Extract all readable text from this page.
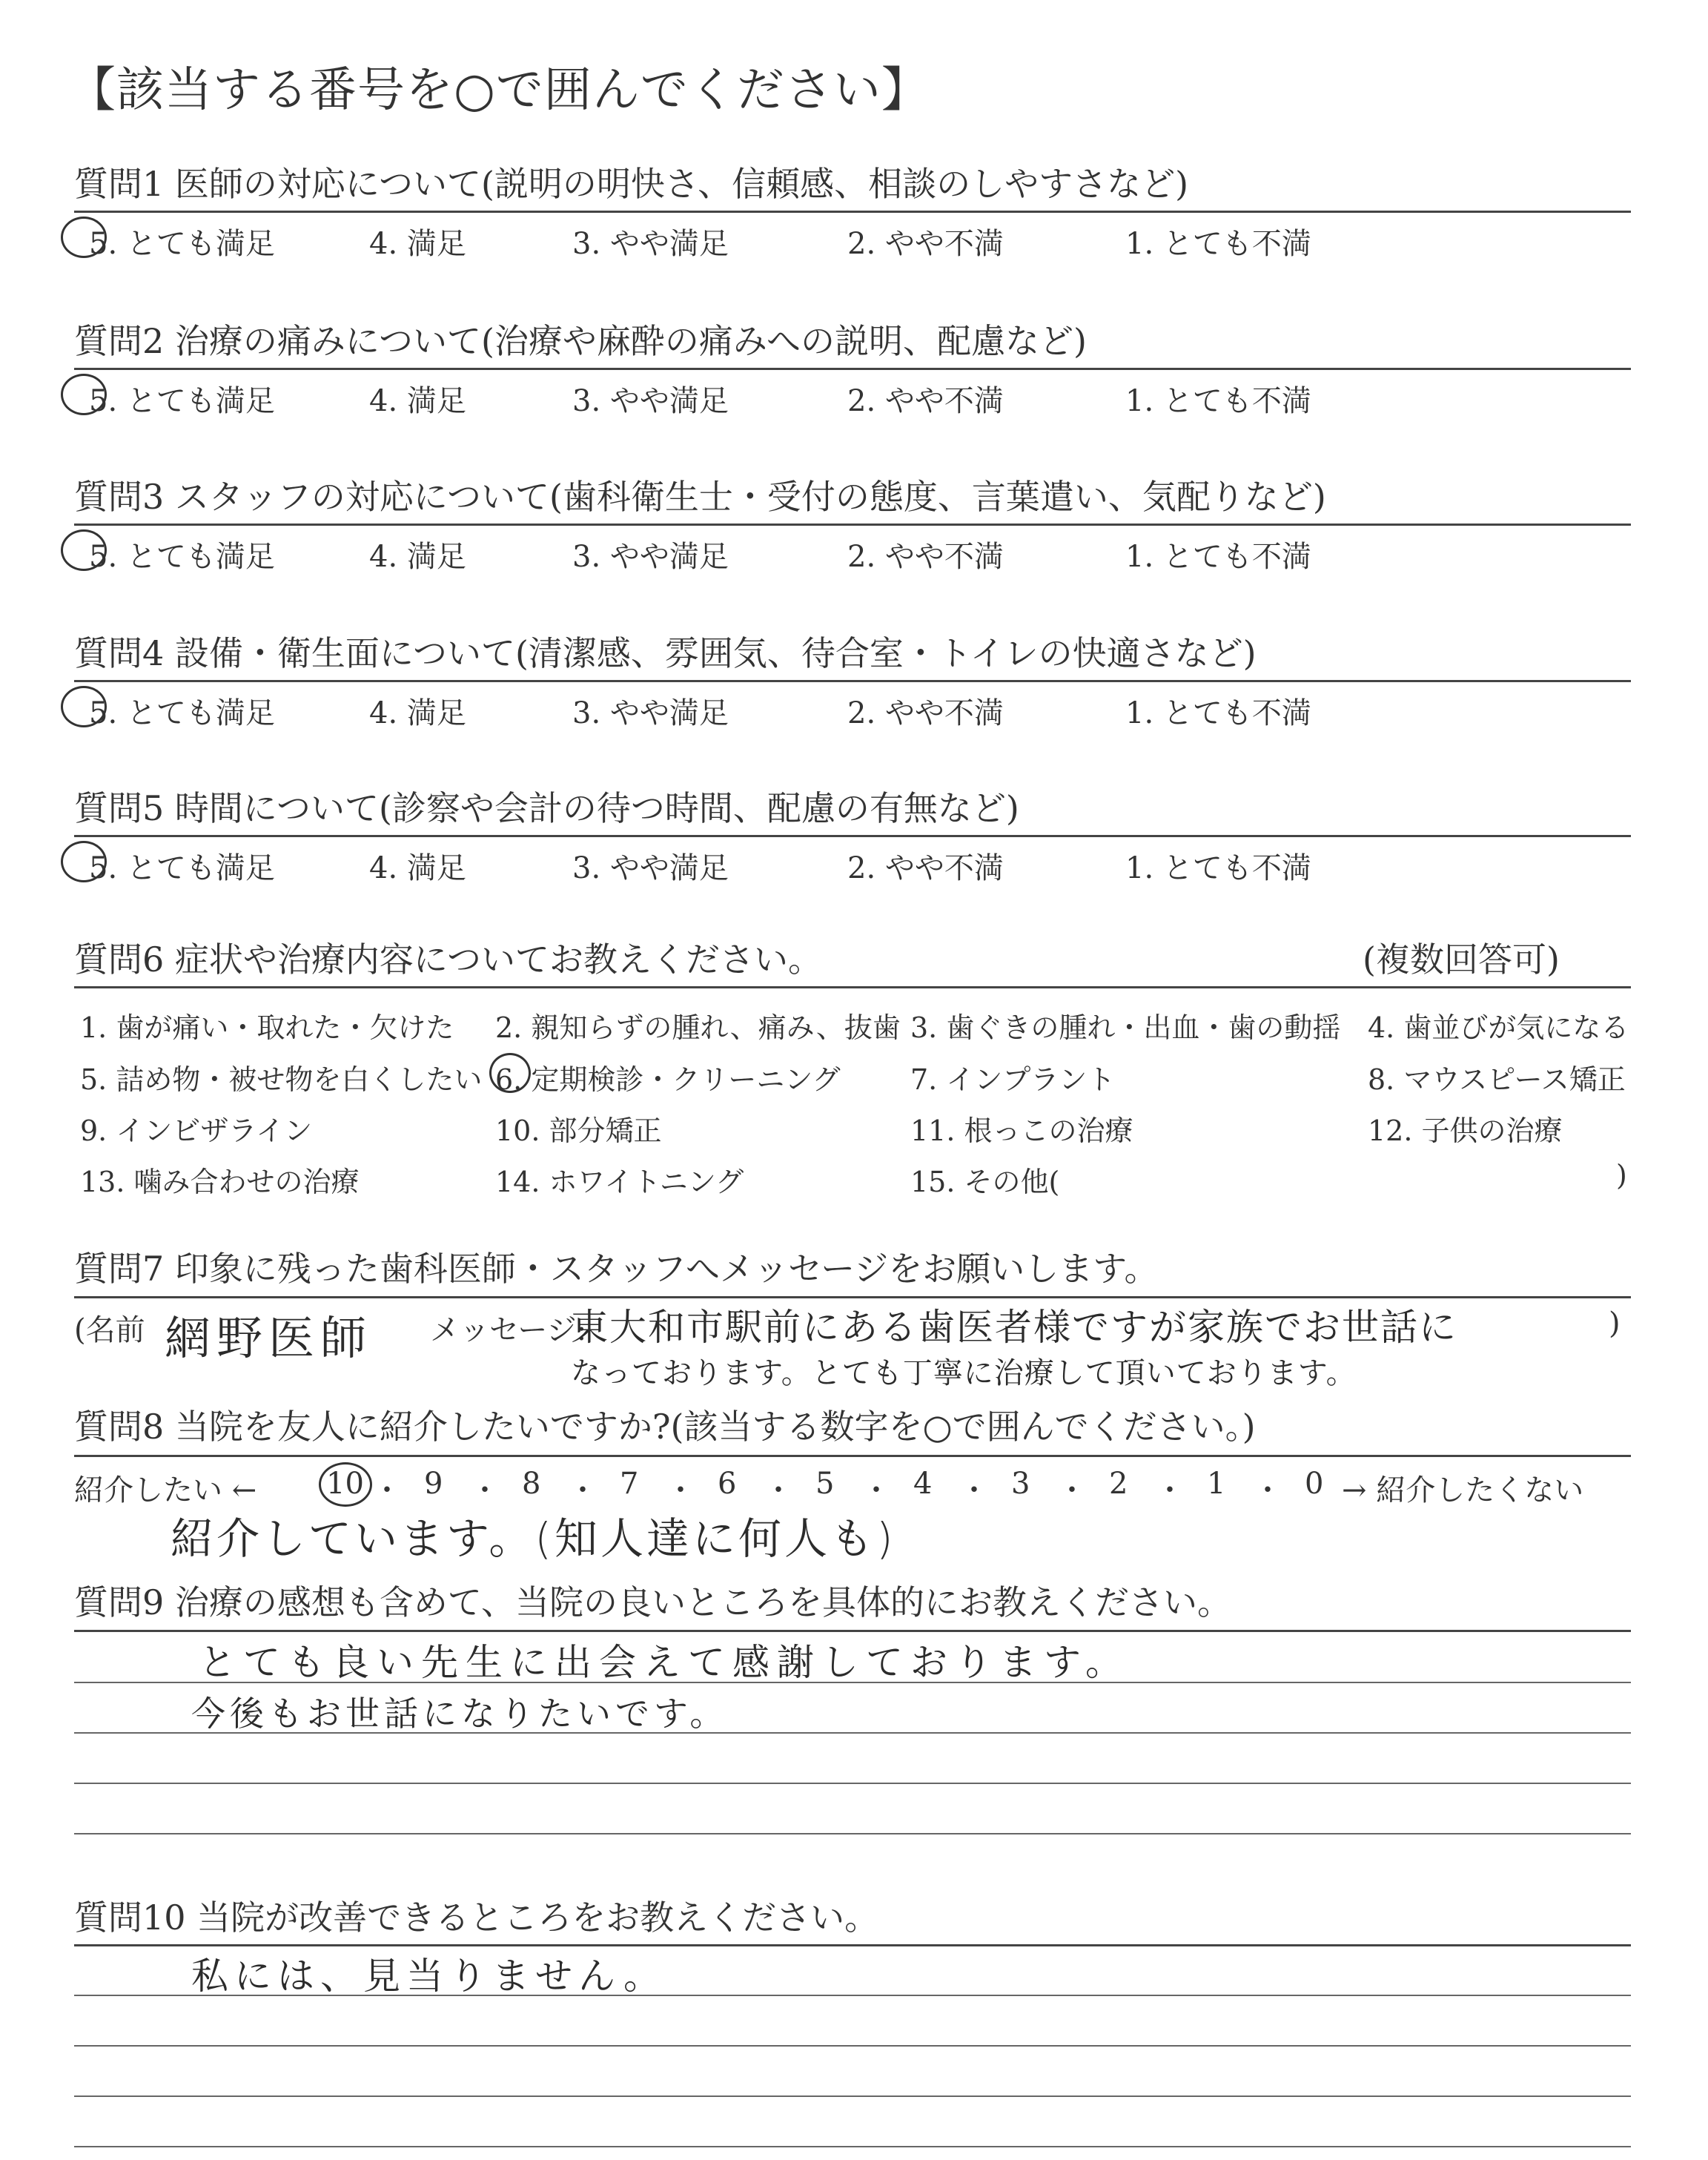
【該当する番号を○で囲んでください】
質問1 医師の対応について(説明の明快さ、信頼感、相談のしやすさなど)
5. とても満足	4. 満足	3. やや満足	2. やや不満	1. とても不満
質問2 治療の痛みについて(治療や麻酔の痛みへの説明、配慮など)
5. とても満足	4. 満足	3. やや満足	2. やや不満	1. とても不満
質問3 スタッフの対応について(歯科衛生士・受付の態度、言葉遣い、気配りなど)
5. とても満足	4. 満足	3. やや満足	2. やや不満	1. とても不満
質問4 設備・衛生面について(清潔感、雰囲気、待合室・トイレの快適さなど)
5. とても満足	4. 満足	3. やや満足	2. やや不満	1. とても不満
質問5 時間について(診察や会計の待つ時間、配慮の有無など)
5. とても満足	4. 満足	3. やや満足	2. やや不満	1. とても不満
質問6 症状や治療内容についてお教えください。	(複数回答可)
1. 歯が痛い・取れた・欠けた 2. 親知らずの腫れ、痛み、抜歯 3. 歯ぐきの腫れ・出血・歯の動揺 4. 歯並びが気になる
5. 詰め物・被せ物を白くしたい 6. 定期検診・クリーニング 7. インプラント	8. マウスピース矯正
9. インビザライン	10. 部分矯正	11. 根っこの治療	12. 子供の治療
13. 噛み合わせの治療	14. ホワイトニング	15. その他(	)
質問7 印象に残った歯科医師・スタッフへメッセージをお願いします。
(名前 網野医師 メッセージ:
東大和市駅前にある歯医者様ですが家族でお世話に
なっております。とても丁寧に治療して頂いております。
)
質問8 当院を友人に紹介したいですか?(該当する数字を○で囲んでください。)
紹介したい ← 10 ・ 9 ・ 8 ・ 7 ・ 6 ・ 5 ・ 4 ・ 3 ・ 2 ・ 1 ・ 0 → 紹介したくない
紹介しています。(知人達に何人も)
質問9 治療の感想も含めて、当院の良いところを具体的にお教えください。
とても良い先生に出会えて感謝しております。
今後もお世話になりたいです。
質問10 当院が改善できるところをお教えください。
私には、見当りません。
